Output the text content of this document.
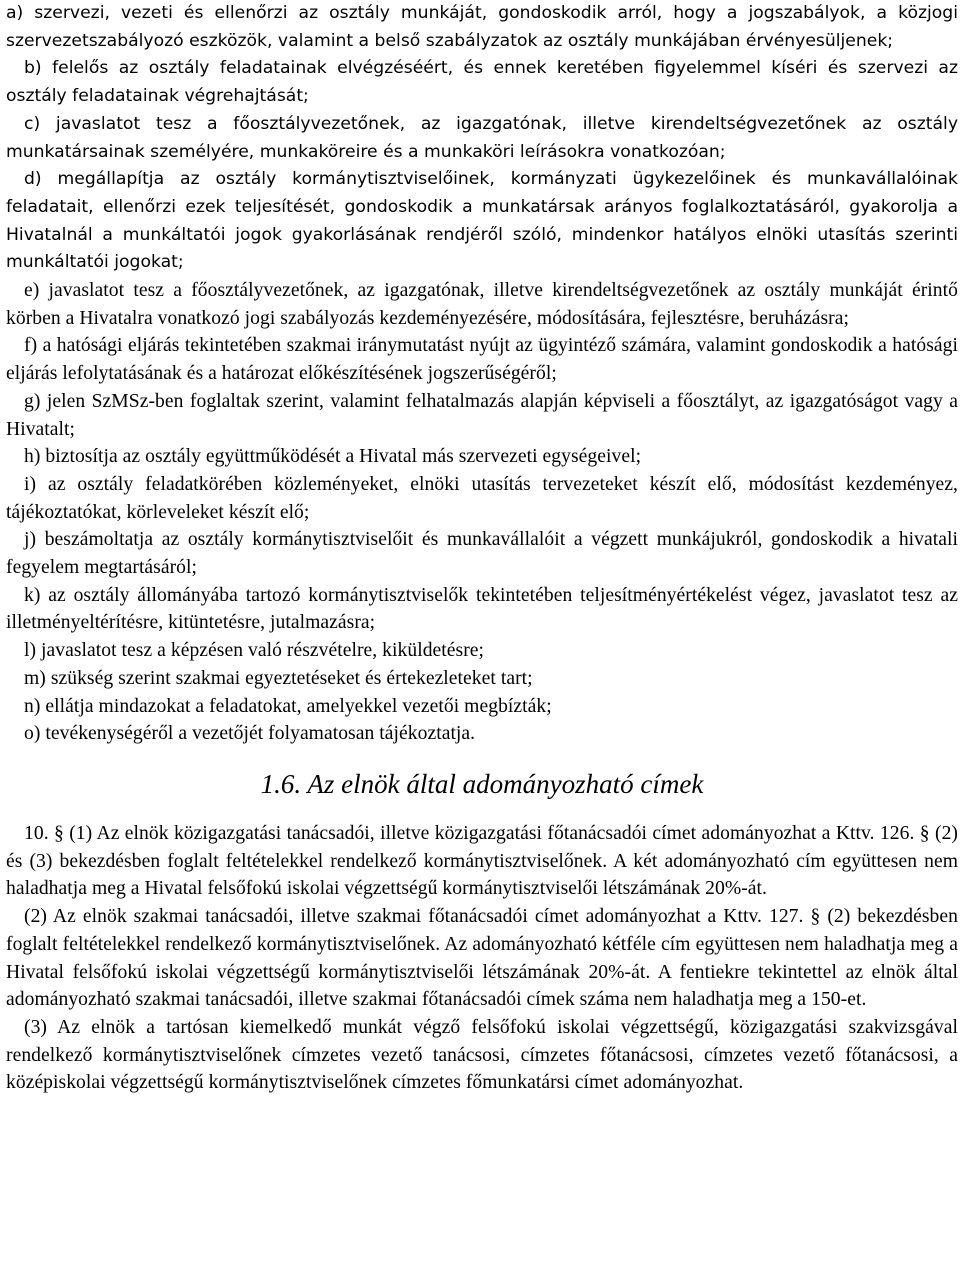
a) szervezi, vezeti és ellenőrzi az osztály munkáját, gondoskodik arról, hogy a jogszabályok, a közjogi szervezetszabályozó eszközök, valamint a belső szabályzatok az osztály munkájában érvényesüljenek;

b) felelős az osztály feladatainak elvégzéséért, és ennek keretében figyelemmel kíséri és szervezi az osztály feladatainak végrehajtását;

c) javaslatot tesz a főosztályvezetőnek, az igazgatónak, illetve kirendeltségvezetőnek az osztály munkatársainak személyére, munkaköreire és a munkaköri leírásokra vonatkozóan;

d) megállapítja az osztály kormánytisztviselőinek, kormányzati ügykezelőinek és munkavállalóinak feladatait, ellenőrzi ezek teljesítését, gondoskodik a munkatársak arányos foglalkoztatásáról, gyakorolja a Hivatalnál a munkáltatói jogok gyakorlásának rendjéről szóló, mindenkor hatályos elnöki utasítás szerinti munkáltatói jogokat;

e) javaslatot tesz a főosztályvezetőnek, az igazgatónak, illetve kirendeltségvezetőnek az osztály munkáját érintő körben a Hivatalra vonatkozó jogi szabályozás kezdeményezésére, módosítására, fejlesztésre, beruházásra;

f) a hatósági eljárás tekintetében szakmai iránymutatást nyújt az ügyintéző számára, valamint gondoskodik a hatósági eljárás lefolytatásának és a határozat előkészítésének jogszerűségéről;

g) jelen SzMSz-ben foglaltak szerint, valamint felhatalmazás alapján képviseli a főosztályt, az igazgatóságot vagy a Hivatalt;

h) biztosítja az osztály együttműködését a Hivatal más szervezeti egységeivel;

i) az osztály feladatkörében közleményeket, elnöki utasítás tervezeteket készít elő, módosítást kezdeményez, tájékoztatókat, körleveleket készít elő;

j) beszámoltatja az osztály kormánytisztviselőit és munkavállalóit a végzett munkájukról, gondoskodik a hivatali fegyelem megtartásáról;

k) az osztály állományába tartozó kormánytisztviselők tekintetében teljesítményértékelést végez, javaslatot tesz az illetményeltérítésre, kitüntetésre, jutalmazásra;

l) javaslatot tesz a képzésen való részvételre, kiküldetésre;

m) szükség szerint szakmai egyeztetéseket és értekezleteket tart;

n) ellátja mindazokat a feladatokat, amelyekkel vezetői megbízták;

o) tevékenységéről a vezetőjét folyamatosan tájékoztatja.

1.6. Az elnök által adományozható címek

10. § (1) Az elnök közigazgatási tanácsadói, illetve közigazgatási főtanácsadói címet adományozhat a Kttv. 126. § (2) és (3) bekezdésben foglalt feltételekkel rendelkező kormánytisztviselőnek. A két adományozható cím együttesen nem haladhatja meg a Hivatal felsőfokú iskolai végzettségű kormánytisztviselői létszámának 20%-át.

(2) Az elnök szakmai tanácsadói, illetve szakmai főtanácsadói címet adományozhat a Kttv. 127. § (2) bekezdésben foglalt feltételekkel rendelkező kormánytisztviselőnek. Az adományozható kétféle cím együttesen nem haladhatja meg a Hivatal felsőfokú iskolai végzettségű kormánytisztviselői létszámának 20%-át. A fentiekre tekintettel az elnök által adományozható szakmai tanácsadói, illetve szakmai főtanácsadói címek száma nem haladhatja meg a 150-et.

(3) Az elnök a tartósan kiemelkedő munkát végző felsőfokú iskolai végzettségű, közigazgatási szakvizsgával rendelkező kormánytisztviselőnek címzetes vezető tanácsosi, címzetes főtanácsosi, címzetes vezető főtanácsosi, a középiskolai végzettségű kormánytisztviselőnek címzetes főmunkatársi címet adományozhat.
